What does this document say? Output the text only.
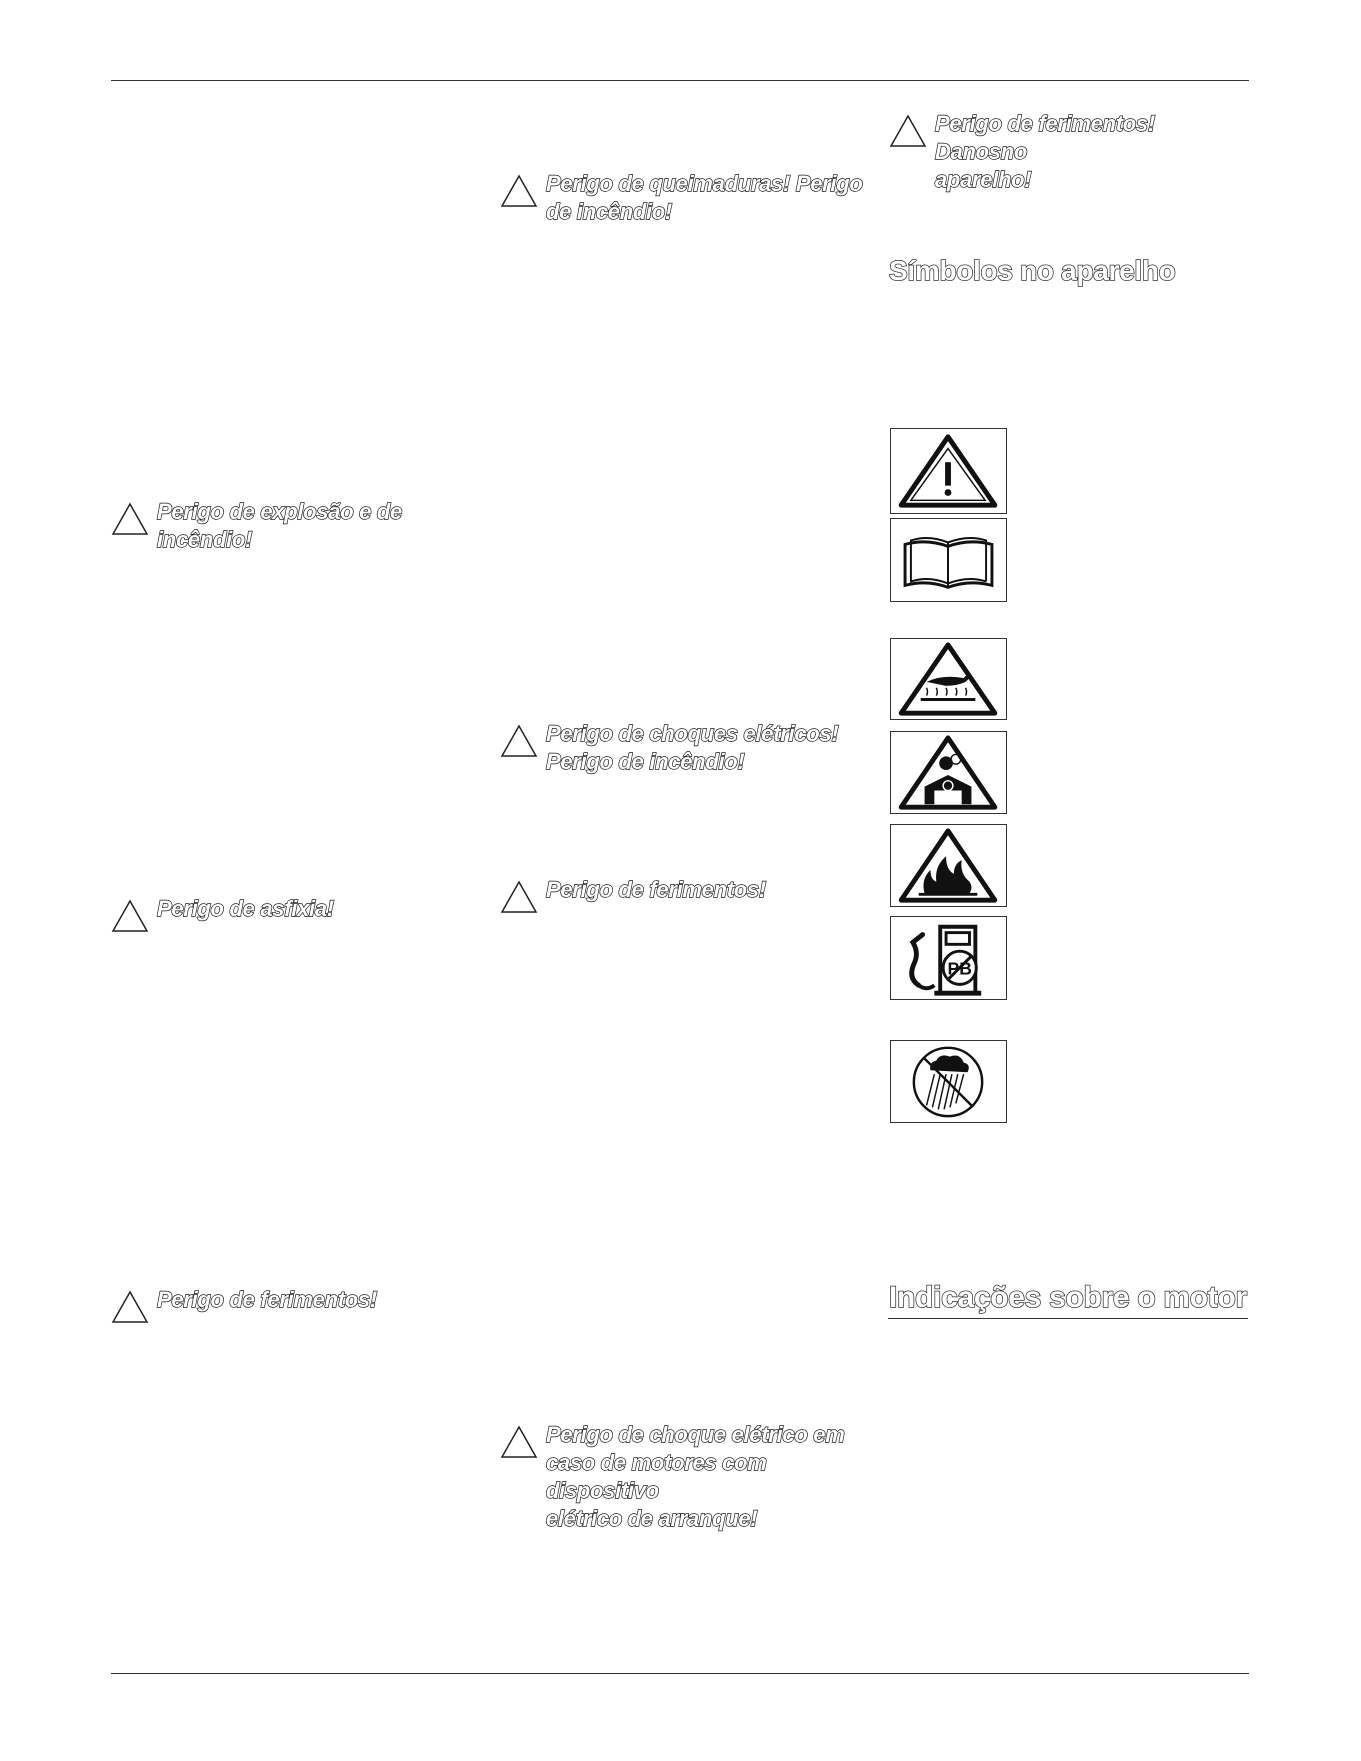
Perigo de explosão e de
incêndio!
Perigo de asfixia!
Perigo de ferimentos!
Perigo de queimaduras! Perigo
de incêndio!
Perigo de choques elétricos!
Perigo de incêndio!
Perigo de ferimentos!
Perigo de choque elétrico em
caso de motores com dispositivo
elétrico de arranque!
Perigo de ferimentos! Danosno
aparelho!
Símbolos no aparelho
PB
Indicações sobre o motor
